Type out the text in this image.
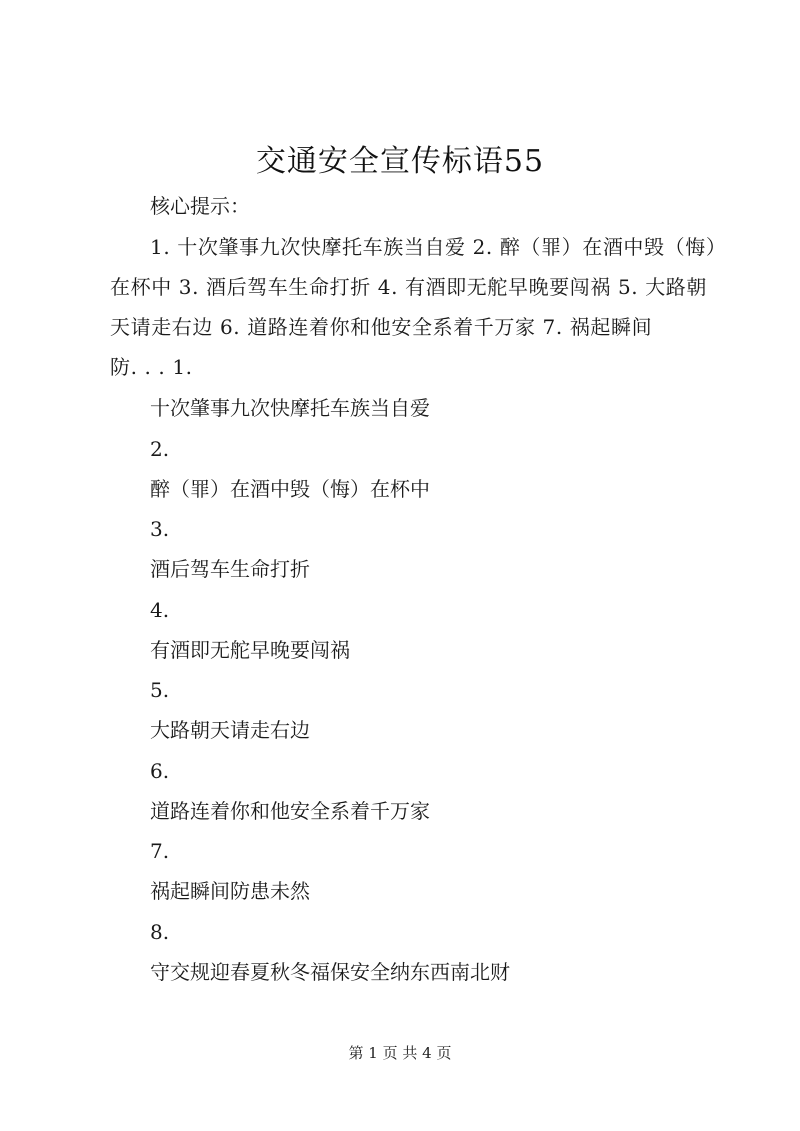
交通安全宣传标语55
核心提示：
1. 十次肇事九次快摩托车族当自爱 2. 醉（罪）在酒中毁（悔）
在杯中 3. 酒后驾车生命打折 4. 有酒即无舵早晚要闯祸 5. 大路朝
天请走右边 6. 道路连着你和他安全系着千万家 7. 祸起瞬间
防. . . 1.
十次肇事九次快摩托车族当自爱
2.
醉（罪）在酒中毁（悔）在杯中
3.
酒后驾车生命打折
4.
有酒即无舵早晚要闯祸
5.
大路朝天请走右边
6.
道路连着你和他安全系着千万家
7.
祸起瞬间防患未然
8.
守交规迎春夏秋冬福保安全纳东西南北财
第 1 页 共 4 页
